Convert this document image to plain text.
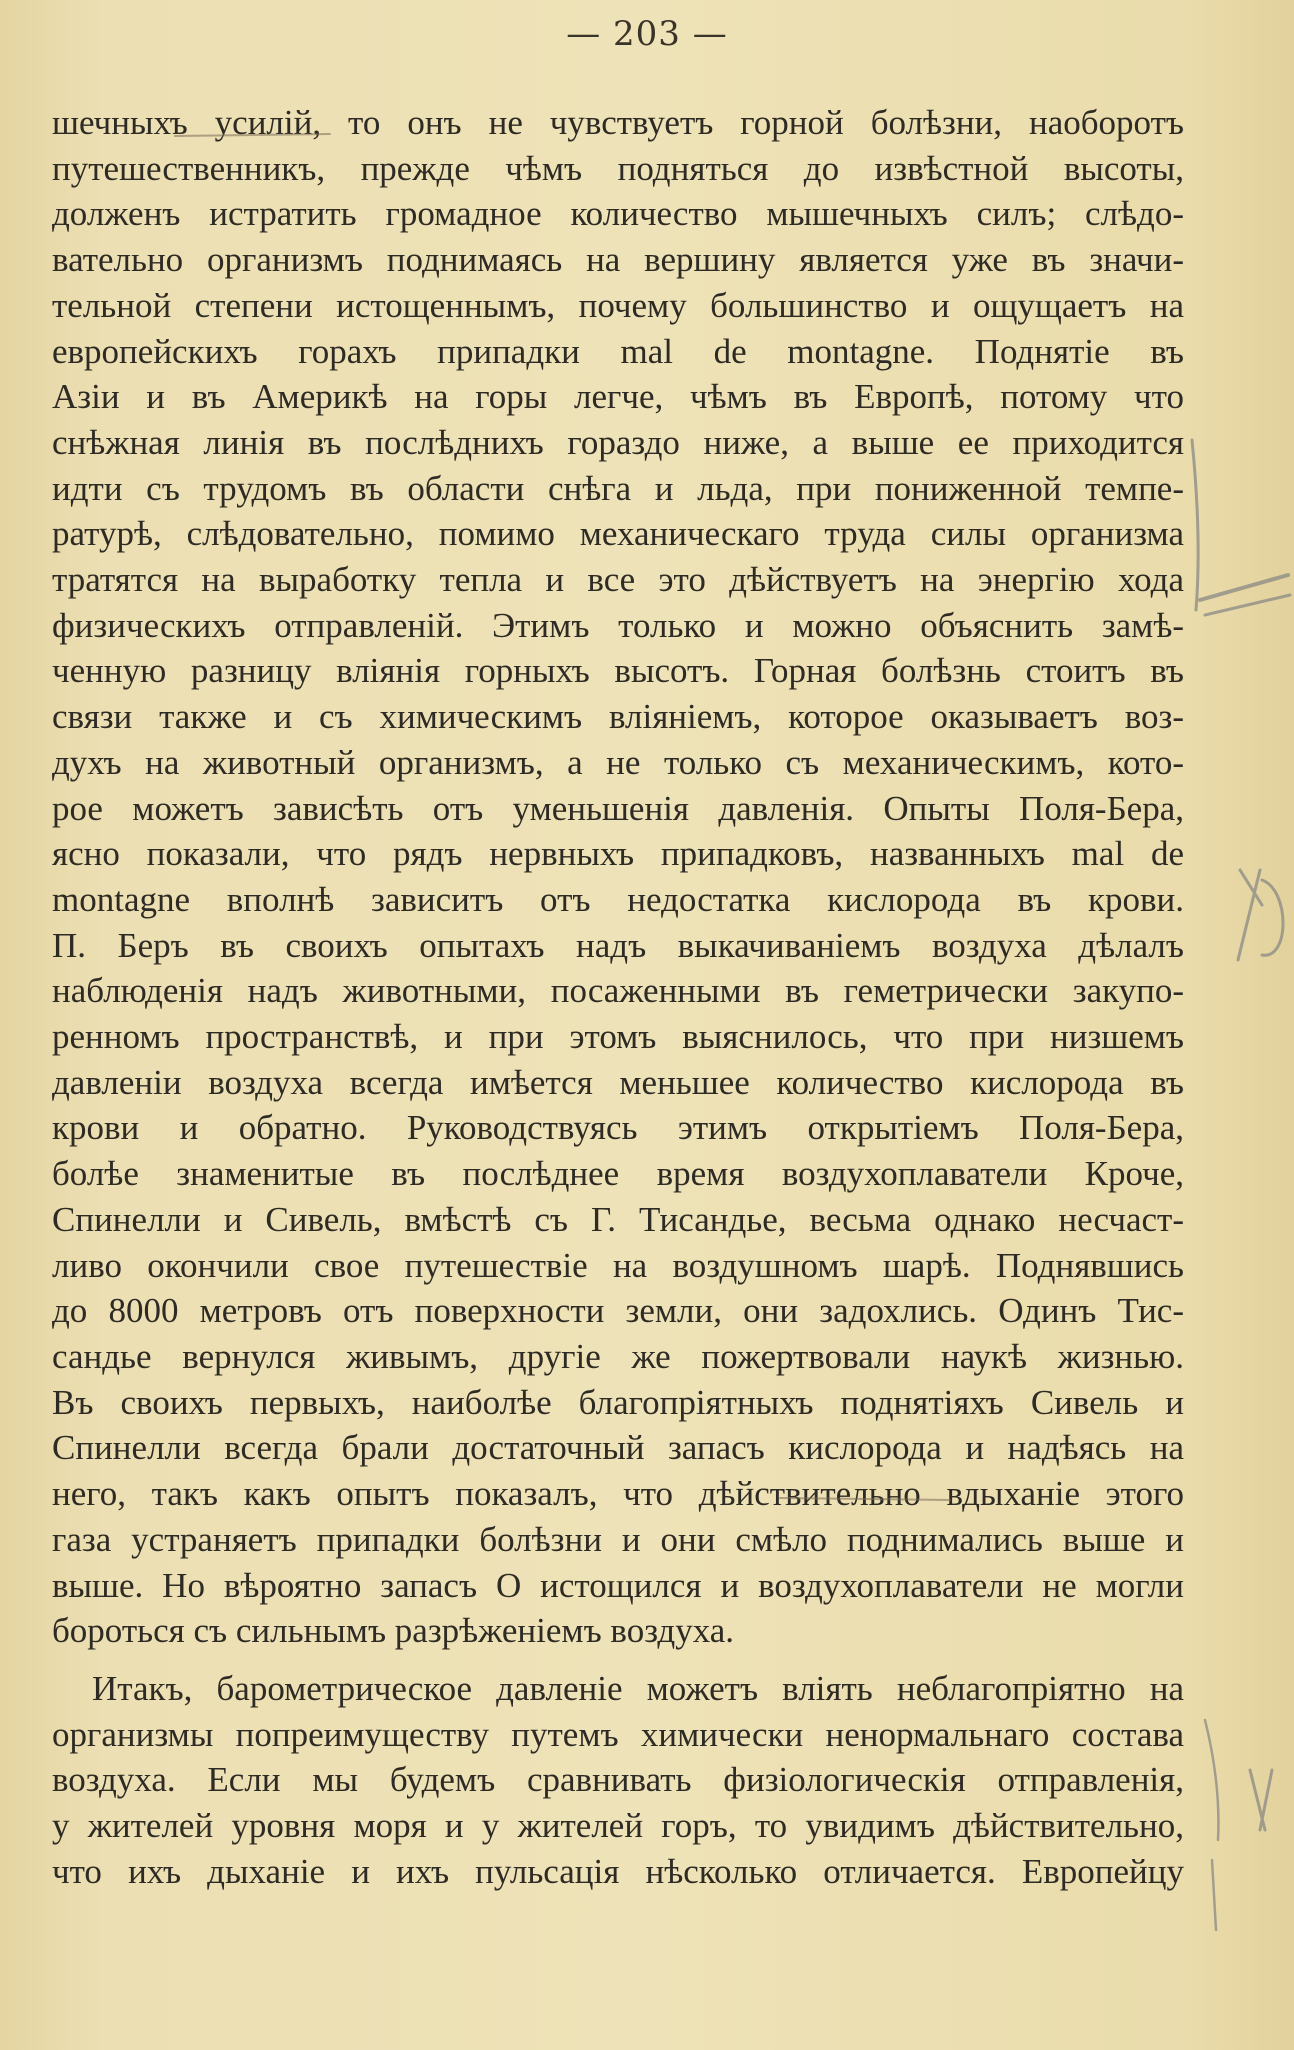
— 203 —
шечныхъ усилій, то онъ не чувствуетъ горной болѣзни, наоборотъ
путешественникъ, прежде чѣмъ подняться до извѣстной высоты,
долженъ истратить громадное количество мышечныхъ силъ; слѣдо-
вательно организмъ поднимаясь на вершину является уже въ значи-
тельной степени истощеннымъ, почему большинство и ощущаетъ на
европейскихъ горахъ припадки mal de montagne. Поднятіе въ
Азіи и въ Америкѣ на горы легче, чѣмъ въ Европѣ, потому что
снѣжная линія въ послѣднихъ гораздо ниже, а выше ее приходится
идти съ трудомъ въ области снѣга и льда, при пониженной темпе-
ратурѣ, слѣдовательно, помимо механическаго труда силы организма
тратятся на выработку тепла и все это дѣйствуетъ на энергію хода
физическихъ отправленій. Этимъ только и можно объяснить замѣ-
ченную разницу вліянія горныхъ высотъ. Горная болѣзнь стоитъ въ
связи также и съ химическимъ вліяніемъ, которое оказываетъ воз-
духъ на животный организмъ, а не только съ механическимъ, кото-
рое можетъ зависѣть отъ уменьшенія давленія. Опыты Поля-Бера,
ясно показали, что рядъ нервныхъ припадковъ, названныхъ mal de
montagne вполнѣ зависитъ отъ недостатка кислорода въ крови.
П. Беръ въ своихъ опытахъ надъ выкачиваніемъ воздуха дѣлалъ
наблюденія надъ животными, посаженными въ геметрически закупо-
ренномъ пространствѣ, и при этомъ выяснилось, что при низшемъ
давленіи воздуха всегда имѣется меньшее количество кислорода въ
крови и обратно. Руководствуясь этимъ открытіемъ Поля-Бера,
болѣе знаменитые въ послѣднее время воздухоплаватели Кроче,
Спинелли и Сивель, вмѣстѣ съ Г. Тисандье, весьма однако несчаст-
ливо окончили свое путешествіе на воздушномъ шарѣ. Поднявшись
до 8000 метровъ отъ поверхности земли, они задохлись. Одинъ Тис-
сандье вернулся живымъ, другіе же пожертвовали наукѣ жизнью.
Въ своихъ первыхъ, наиболѣе благопріятныхъ поднятіяхъ Сивель и
Спинелли всегда брали достаточный запасъ кислорода и надѣясь на
него, такъ какъ опытъ показалъ, что дѣйствительно вдыханіе этого
газа устраняетъ припадки болѣзни и они смѣло поднимались выше и
выше. Но вѣроятно запасъ O истощился и воздухоплаватели не могли
бороться съ сильнымъ разрѣженіемъ воздуха.
Итакъ, барометрическое давленіе можетъ вліять неблагопріятно на
организмы попреимуществу путемъ химически ненормальнаго состава
воздуха. Если мы будемъ сравнивать физіологическія отправленія,
у жителей уровня моря и у жителей горъ, то увидимъ дѣйствительно,
что ихъ дыханіе и ихъ пульсація нѣсколько отличается. Европейцу
